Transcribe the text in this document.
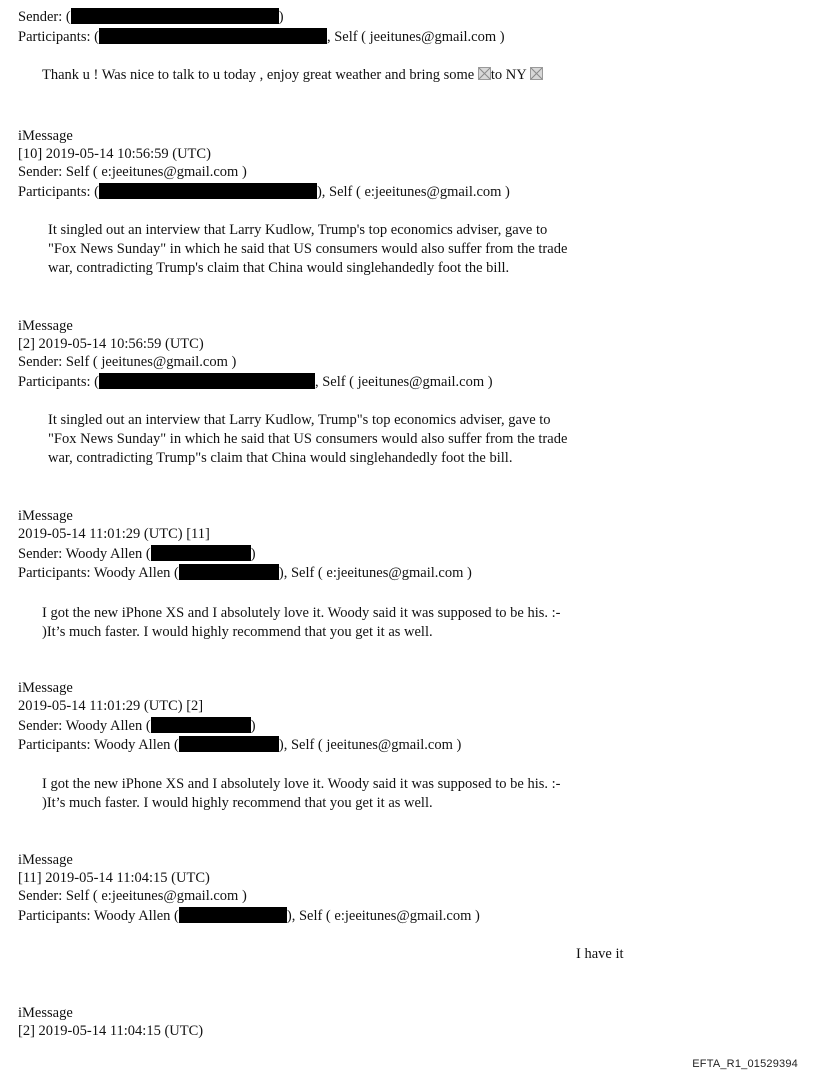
Sender: (	)
Participants: (	, Self ( jeeitunes@gmail.com )
Thank u ! Was nice to talk to u today , enjoy great weather and bring some
to NY
iMessage
[10] 2019-05-14 10:56:59 (UTC)
Sender: Self ( e:jeeitunes@gmail.com )
Participants: (	), Self ( e:jeeitunes@gmail.com )
It singled out an interview that Larry Kudlow, Trump's top economics adviser, gave to
"Fox News Sunday" in which he said that US consumers would also suffer from the trade
war, contradicting Trump's claim that China would singlehandedly foot the bill.
iMessage
[2] 2019-05-14 10:56:59 (UTC)
Sender: Self ( jeeitunes@gmail.com )
Participants: (	, Self ( jeeitunes@gmail.com )
It singled out an interview that Larry Kudlow, Trump"s top economics adviser, gave to
"Fox News Sunday" in which he said that US consumers would also suffer from the trade
war, contradicting Trump"s claim that China would singlehandedly foot the bill.
iMessage
2019-05-14 11:01:29 (UTC) [11]
Sender: Woody Allen (	)
Participants: Woody Allen (	), Self ( e:jeeitunes@gmail.com )
I got the new iPhone XS and I absolutely love it. Woody said it was supposed to be his. :-
)It’s much faster. I would highly recommend that you get it as well.
iMessage
2019-05-14 11:01:29 (UTC) [2]
Sender: Woody Allen (	)
Participants: Woody Allen (	), Self ( jeeitunes@gmail.com )
I got the new iPhone XS and I absolutely love it. Woody said it was supposed to be his. :-
)It’s much faster. I would highly recommend that you get it as well.
iMessage
[11] 2019-05-14 11:04:15 (UTC)
Sender: Self ( e:jeeitunes@gmail.com )
Participants: Woody Allen (	), Self ( e:jeeitunes@gmail.com )
I have it
iMessage
[2] 2019-05-14 11:04:15 (UTC)
EFTA_R1_01529394
